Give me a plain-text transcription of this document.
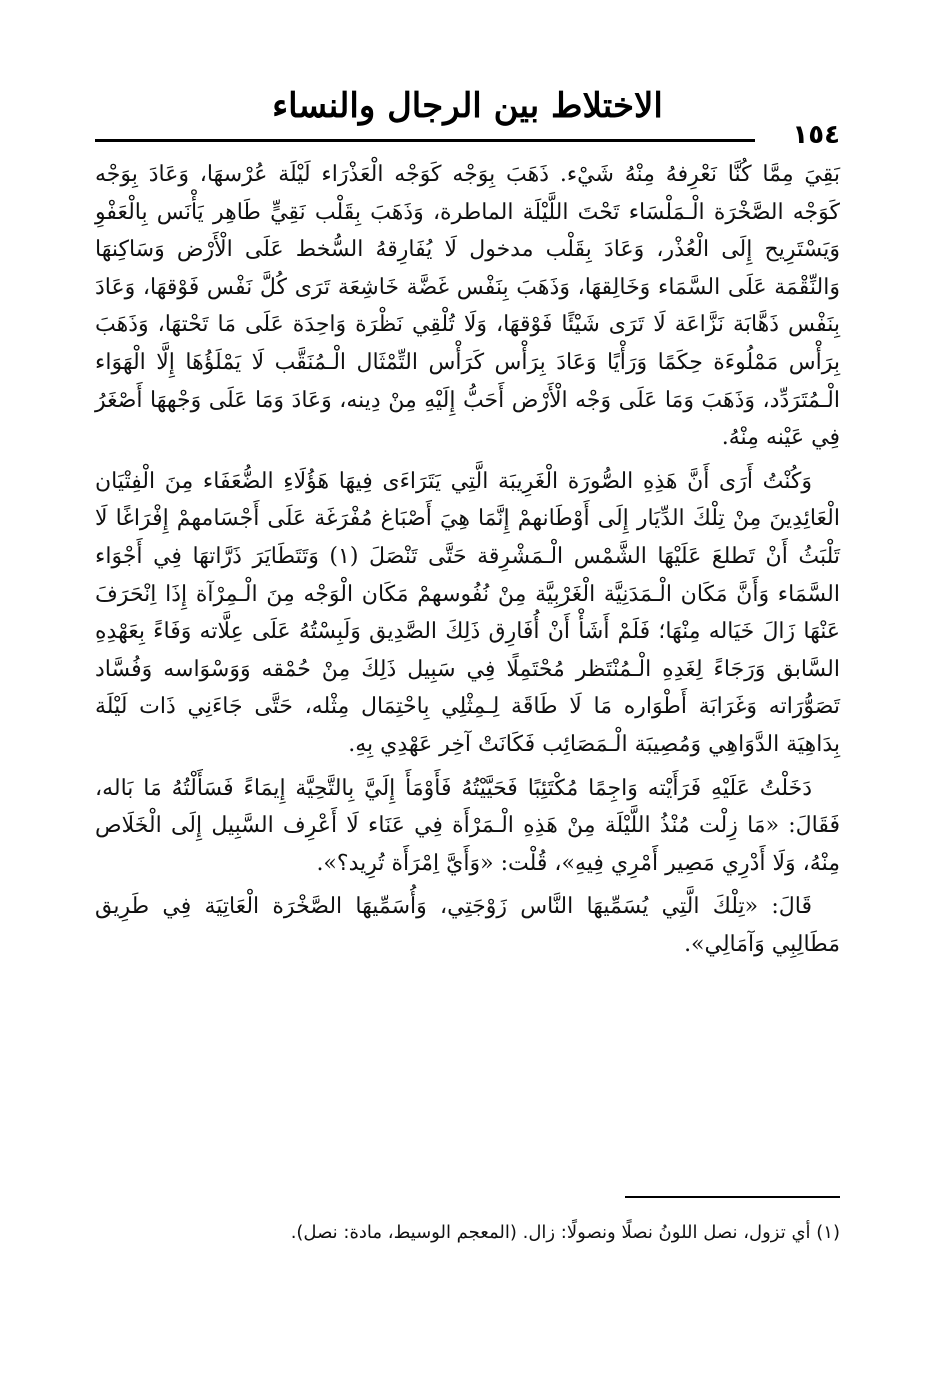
الاختلاط بين الرجال والنساء
١٥٤

بَقِيَ مِمَّا كُنَّا نَعْرِفهُ مِنْهُ شَيْء. ذَهَبَ بِوَجْه كَوَجْه الْعَذْرَاء لَيْلَة عُرْسهَا، وَعَادَ بِوَجْه كَوَجْه الصَّخْرَة الْـمَلْسَاء تَحْتَ اللَّيْلَة الماطرة، وَذَهَبَ بِقَلْب نَقِيٍّ طَاهِر يَأْنَس بِالْعَفْوِ وَيَسْتَرِيح إِلَى الْعُذْر، وَعَادَ بِقَلْب مدخول لَا يُفَارِقهُ السُّخط عَلَى الْأَرْض وَسَاكِنهَا وَالنِّقْمَة عَلَى السَّمَاء وَخَالِقهَا، وَذَهَبَ بِنَفْس غَضَّة خَاشِعَة تَرَى كُلَّ نَفْس فَوْقهَا، وَعَادَ بِنَفْس ذَهَّابَة نَزَّاعَة لَا تَرَى شَيْئًا فَوْقهَا، وَلَا تُلْقِي نَظْرَة وَاحِدَة عَلَى مَا تَحْتهَا، وَذَهَبَ بِرَأْس مَمْلُوءَة حِكَمًا وَرَأْيًا وَعَادَ بِرَأْس كَرَأْس التِّمْثَال الْـمُنَقَّب لَا يَمْلَؤُهَا إِلَّا الْهَوَاء الْـمُتَرَدِّد، وَذَهَبَ وَمَا عَلَى وَجْه الْأَرْض أَحَبُّ إِلَيْهِ مِنْ دِينه، وَعَادَ وَمَا عَلَى وَجْههَا أَصْغَرُ فِي عَيْنه مِنْهُ.

وَكُنْتُ أَرَى أَنَّ هَذِهِ الصُّورَة الْغَرِيبَة الَّتِي يَتَرَاءَى فِيهَا هَؤُلَاءِ الضُّعَفَاء مِنَ الْفِتْيَان الْعَائِدِينَ مِنْ تِلْكَ الدِّيَار إِلَى أَوْطَانهمْ إِنَّمَا هِيَ أَصْبَاغ مُفْرَغَة عَلَى أَجْسَامهمْ إِفْرَاغًا لَا تَلْبَثُ أَنْ تَطلعَ عَلَيْهَا الشَّمْس الْـمَشْرِقة حَتَّى تَنْصَلَ (١) وَتَتَطَايَرَ ذَرَّاتهَا فِي أَجْوَاء السَّمَاء وَأَنَّ مَكَان الْـمَدَنِيَّة الْغَرْبِيَّة مِنْ نُفُوسهمْ مَكَان الْوَجْه مِنَ الْـمِرْآة إِذَا اِنْحَرَفَ عَنْهَا زَالَ خَيَاله مِنْهَا؛ فَلَمْ أَشَأْ أَنْ أُفَارِق ذَلِكَ الصَّدِيق وَلَبِسْتُهُ عَلَى عِلَّاته وَفَاءً بِعَهْدِهِ السَّابق وَرَجَاءً لِغَدِهِ الْـمُنْتَظر مُحْتَمِلًا فِي سَبِيل ذَلِكَ مِنْ حُمْقه وَوَسْوَاسه وَفُسَّاد تَصَوُّرَاته وَغَرَابَة أَطْوَاره مَا لَا طَاقَة لِـمِثْلِي بِاحْتِمَال مِثْله، حَتَّى جَاءَنِي ذَات لَيْلَة بِدَاهِيَة الدَّوَاهِي وَمُصِيبَة الْـمَصَائِب فَكَانَتْ آخِر عَهْدِي بِهِ.

دَخَلْتُ عَلَيْهِ فَرَأَيْته وَاجِمًا مُكْتَئِبًا فَحَيَّيْتُهُ فَأَوْمَأَ إِلَيَّ بِالتَّحِيَّة إِيمَاءً فَسَأَلْتُهُ مَا بَاله، فَقَالَ: «مَا زِلْت مُنْذُ اللَّيْلَة مِنْ هَذِهِ الْـمَرْأَة فِي عَنَاء لَا أَعْرِف السَّبِيل إِلَى الْخَلَاص مِنْهُ، وَلَا أَدْرِي مَصِير أَمْرِي فِيهِ»، قُلْت: «وَأَيَّ اِمْرَأَة تُرِيد؟».

قَالَ: «تِلْكَ الَّتِي يُسَمِّيهَا النَّاس زَوْجَتِي، وَأُسَمِّيهَا الصَّخْرَة الْعَاتِيَة فِي طَرِيق مَطَالِبِي وَآمَالِي».

(١) أي تزول، نصل اللونُ نصلًا ونصولًا: زال. (المعجم الوسيط، مادة: نصل).
